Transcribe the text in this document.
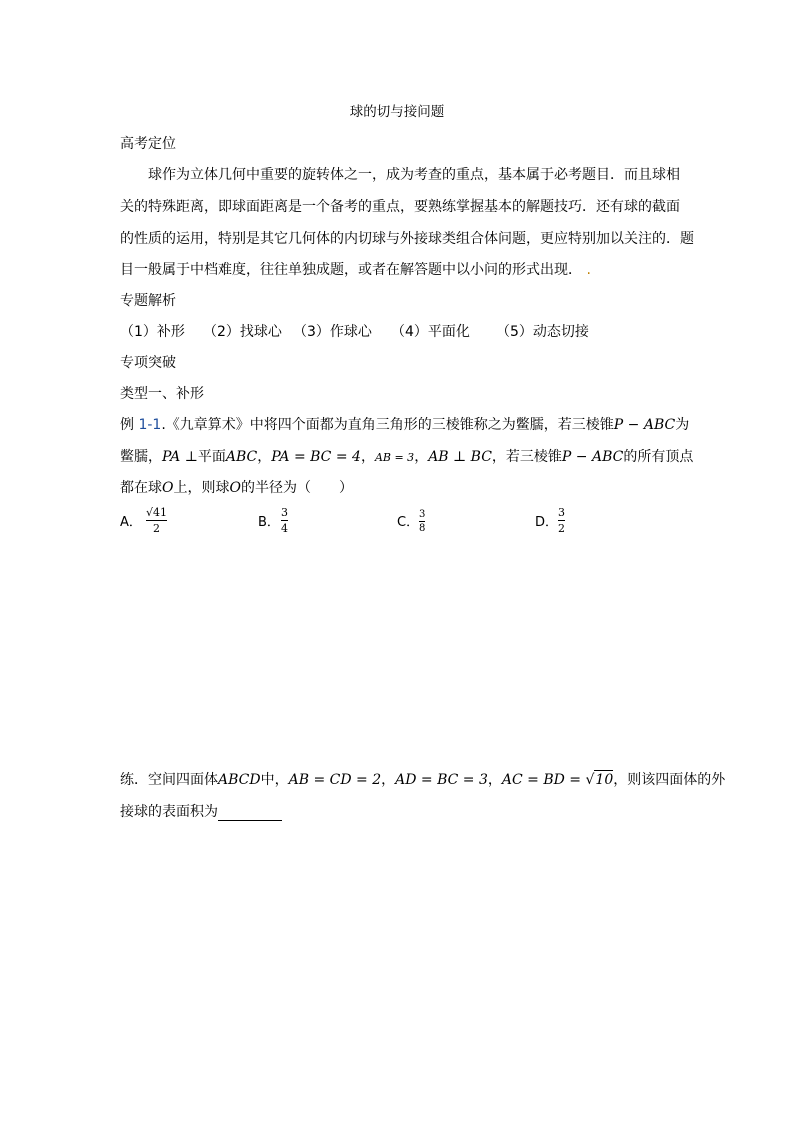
球的切与接问题
高考定位
球作为立体几何中重要的旋转体之一，成为考查的重点，基本属于必考题目．而且球相
关的特殊距离，即球面距离是一个备考的重点，要熟练掌握基本的解题技巧．还有球的截面
的性质的运用，特别是其它几何体的内切球与外接球类组合体问题，更应特别加以关注的．题
目一般属于中档难度，往往单独成题，或者在解答题中以小问的形式出现． .
专题解析
（1）补形 （2）找球心 （3）作球心 （4）平面化 （5）动态切接
专项突破
类型一、补形
例 1-1.《九章算术》中将四个面都为直角三角形的三棱锥称之为鳖臑，若三棱锥P − ABC为
鳖臑，PA ⊥平面ABC，PA = BC = 4，AB = 3，AB ⊥ BC，若三棱锥P − ABC的所有顶点
都在球O上，则球O的半径为（　　）
A．
√41
2	B．
3
4	C．
3
8	D．
3
2
练．空间四面体ABCD中，AB = CD = 2，AD = BC = 3，AC = BD = √10，则该四面体的外
接球的表面积为
